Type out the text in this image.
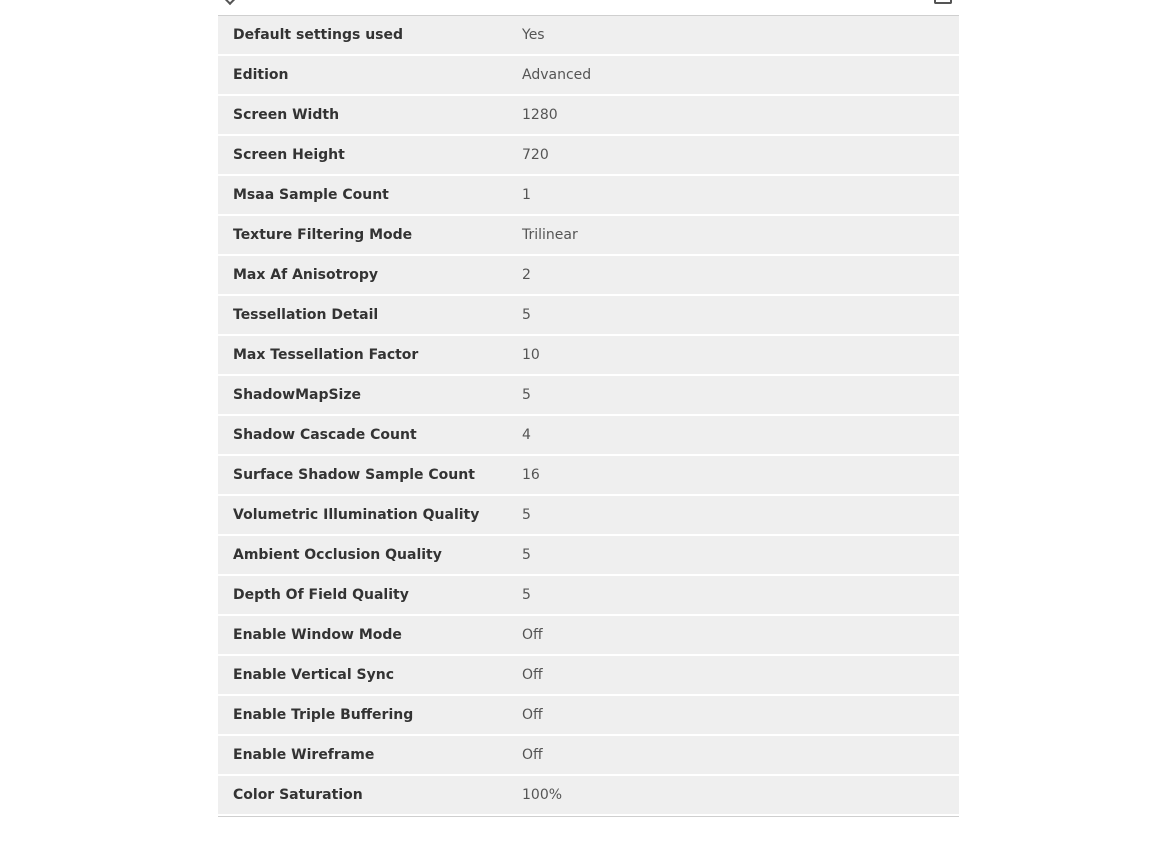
Default settings used	Yes
Edition	Advanced
Screen Width	1280
Screen Height	720
Msaa Sample Count	1
Texture Filtering Mode	Trilinear
Max Af Anisotropy	2
Tessellation Detail	5
Max Tessellation Factor	10
ShadowMapSize	5
Shadow Cascade Count	4
Surface Shadow Sample Count	16
Volumetric Illumination Quality	5
Ambient Occlusion Quality	5
Depth Of Field Quality	5
Enable Window Mode	Off
Enable Vertical Sync	Off
Enable Triple Buffering	Off
Enable Wireframe	Off
Color Saturation	100%
